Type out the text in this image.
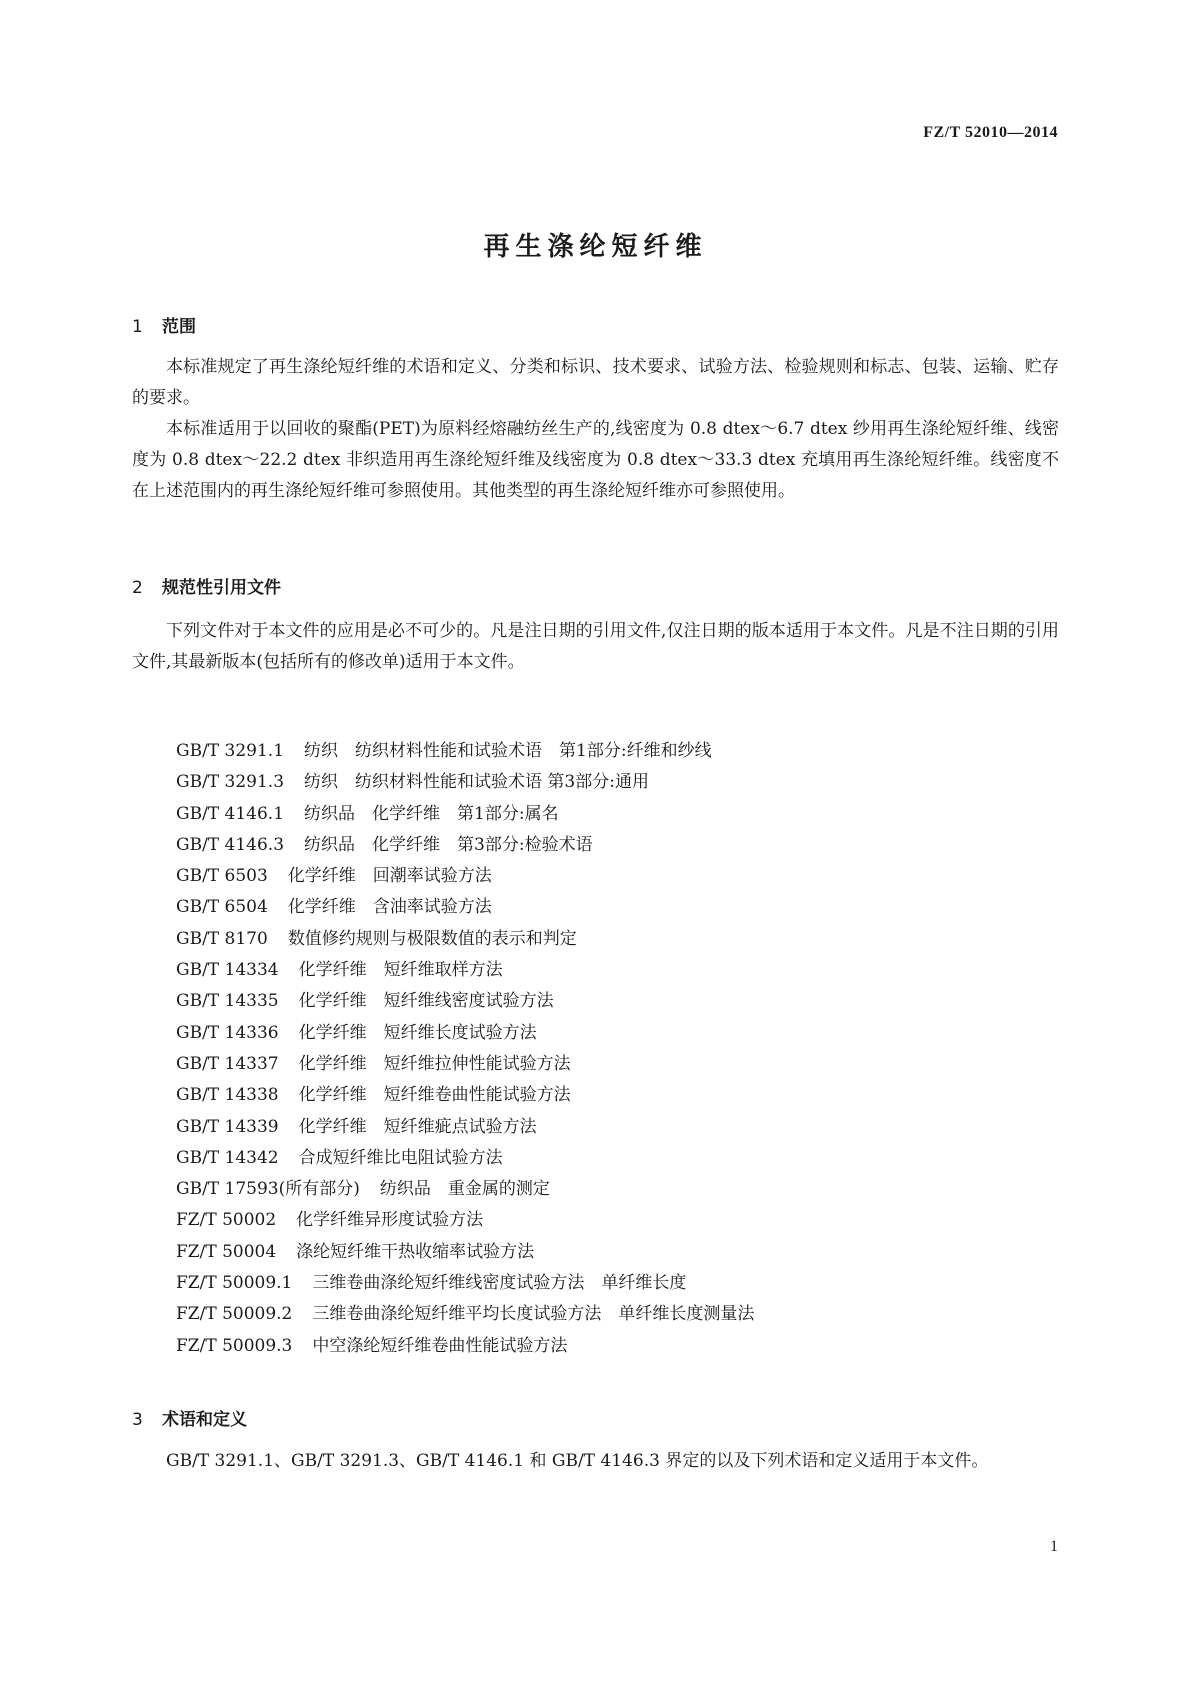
FZ/T 52010—2014
再生涤纶短纤维
1 范围

本标准规定了再生涤纶短纤维的术语和定义、分类和标识、技术要求、试验方法、检验规则和标志、包装、运输、贮存的要求。

本标准适用于以回收的聚酯(PET)为原料经熔融纺丝生产的,线密度为 0.8 dtex～6.7 dtex 纱用再生涤纶短纤维、线密度为 0.8 dtex～22.2 dtex 非织造用再生涤纶短纤维及线密度为 0.8 dtex～33.3 dtex 充填用再生涤纶短纤维。线密度不在上述范围内的再生涤纶短纤维可参照使用。其他类型的再生涤纶短纤维亦可参照使用。

2 规范性引用文件

下列文件对于本文件的应用是必不可少的。凡是注日期的引用文件,仅注日期的版本适用于本文件。凡是不注日期的引用文件,其最新版本(包括所有的修改单)适用于本文件。

GB/T 3291.1 纺织　纺织材料性能和试验术语　第1部分:纤维和纱线
GB/T 3291.3 纺织　纺织材料性能和试验术语 第3部分:通用
GB/T 4146.1 纺织品　化学纤维　第1部分:属名
GB/T 4146.3 纺织品　化学纤维　第3部分:检验术语
GB/T 6503 化学纤维　回潮率试验方法
GB/T 6504 化学纤维　含油率试验方法
GB/T 8170 数值修约规则与极限数值的表示和判定
GB/T 14334 化学纤维　短纤维取样方法
GB/T 14335 化学纤维　短纤维线密度试验方法
GB/T 14336 化学纤维　短纤维长度试验方法
GB/T 14337 化学纤维　短纤维拉伸性能试验方法
GB/T 14338 化学纤维　短纤维卷曲性能试验方法
GB/T 14339 化学纤维　短纤维疵点试验方法
GB/T 14342 合成短纤维比电阻试验方法
GB/T 17593(所有部分) 纺织品　重金属的测定
FZ/T 50002 化学纤维异形度试验方法
FZ/T 50004 涤纶短纤维干热收缩率试验方法
FZ/T 50009.1 三维卷曲涤纶短纤维线密度试验方法　单纤维长度
FZ/T 50009.2 三维卷曲涤纶短纤维平均长度试验方法　单纤维长度测量法
FZ/T 50009.3 中空涤纶短纤维卷曲性能试验方法
3 术语和定义

GB/T 3291.1、GB/T 3291.3、GB/T 4146.1 和 GB/T 4146.3 界定的以及下列术语和定义适用于本文件。

1
